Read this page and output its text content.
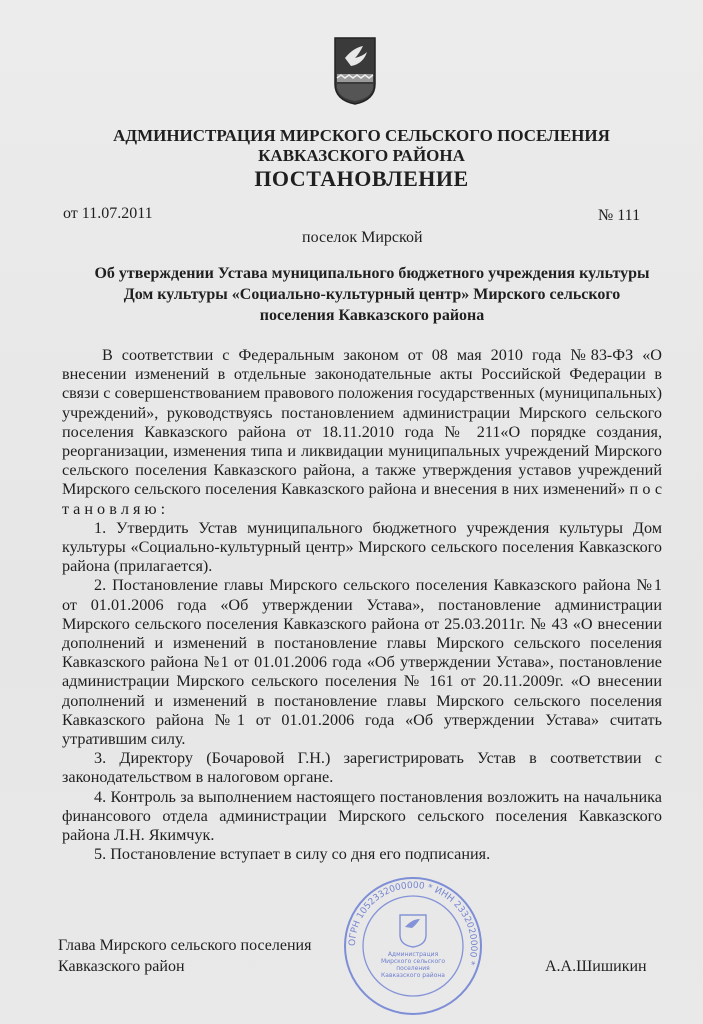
АДМИНИСТРАЦИЯ МИРСКОГО СЕЛЬСКОГО ПОСЕЛЕНИЯ
КАВКАЗСКОГО РАЙОНА
ПОСТАНОВЛЕНИЕ
от 11.07.2011	№ 111
поселок Мирской
Об утверждении Устава муниципального бюджетного учреждения культуры Дом культуры «Социально-культурный центр» Мирского сельского поселения Кавказского района

В соответствии с Федеральным законом от 08 мая 2010 года №83-ФЗ «О внесении изменений в отдельные законодательные акты Российской Федерации в связи с совершенствованием правового положения государственных (муниципальных) учреждений», руководствуясь постановлением администрации Мирского сельского поселения Кавказского района от 18.11.2010 года № 211«О порядке создания, реорганизации, изменения типа и ликвидации муниципальных учреждений Мирского сельского поселения Кавказского района, а также утверждения уставов учреждений Мирского сельского поселения Кавказского района и внесения в них изменений» п о с т а н о в л я ю :

1. Утвердить Устав муниципального бюджетного учреждения культуры Дом культуры «Социально-культурный центр» Мирского сельского поселения Кавказского района (прилагается).

2. Постановление главы Мирского сельского поселения Кавказского района №1 от 01.01.2006 года «Об утверждении Устава», постановление администрации Мирского сельского поселения Кавказского района от 25.03.2011г. № 43 «О внесении дополнений и изменений в постановление главы Мирского сельского поселения Кавказского района №1 от 01.01.2006 года «Об утверждении Устава», постановление администрации Мирского сельского поселения № 161 от 20.11.2009г. «О внесении дополнений и изменений в постановление главы Мирского сельского поселения Кавказского района №1 от 01.01.2006 года «Об утверждении Устава» считать утратившим силу.

3. Директору (Бочаровой Г.Н.) зарегистрировать Устав в соответствии с законодательством в налоговом органе.

4. Контроль за выполнением настоящего постановления возложить на начальника финансового отдела администрации Мирского сельского поселения Кавказского района Л.Н. Якимчук.

5. Постановление вступает в силу со дня его подписания.

Глава Мирского сельского поселения
Кавказского район	А.А.Шишикин
ОГРН 1052332000000 * ИНН 2332020000 *
Администрация Мирского сельского поселения Кавказского района
